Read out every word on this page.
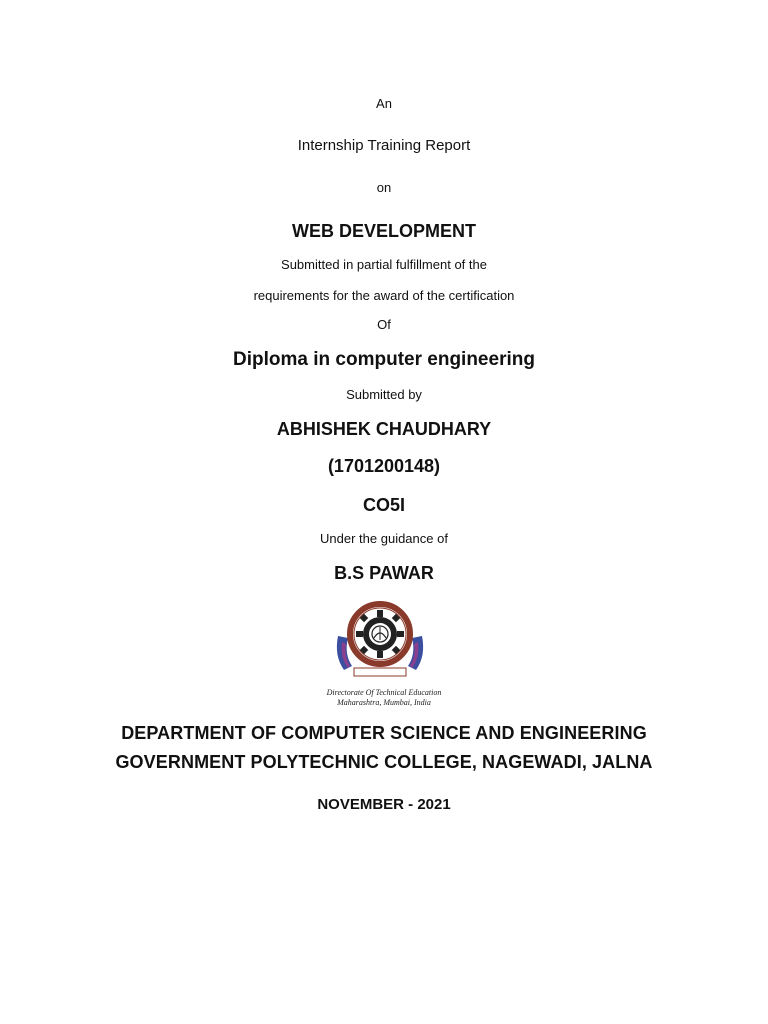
An
Internship Training Report
on
WEB DEVELOPMENT
Submitted in partial fulfillment of the
requirements for the award of the certification
Of
Diploma in computer engineering
Submitted by
ABHISHEK CHAUDHARY
(1701200148)
CO5I
Under the guidance of
B.S PAWAR
Directorate Of Technical Education
Maharashtra, Mumbai, India
DEPARTMENT OF COMPUTER SCIENCE AND ENGINEERING
GOVERNMENT POLYTECHNIC COLLEGE, NAGEWADI, JALNA
NOVEMBER - 2021
